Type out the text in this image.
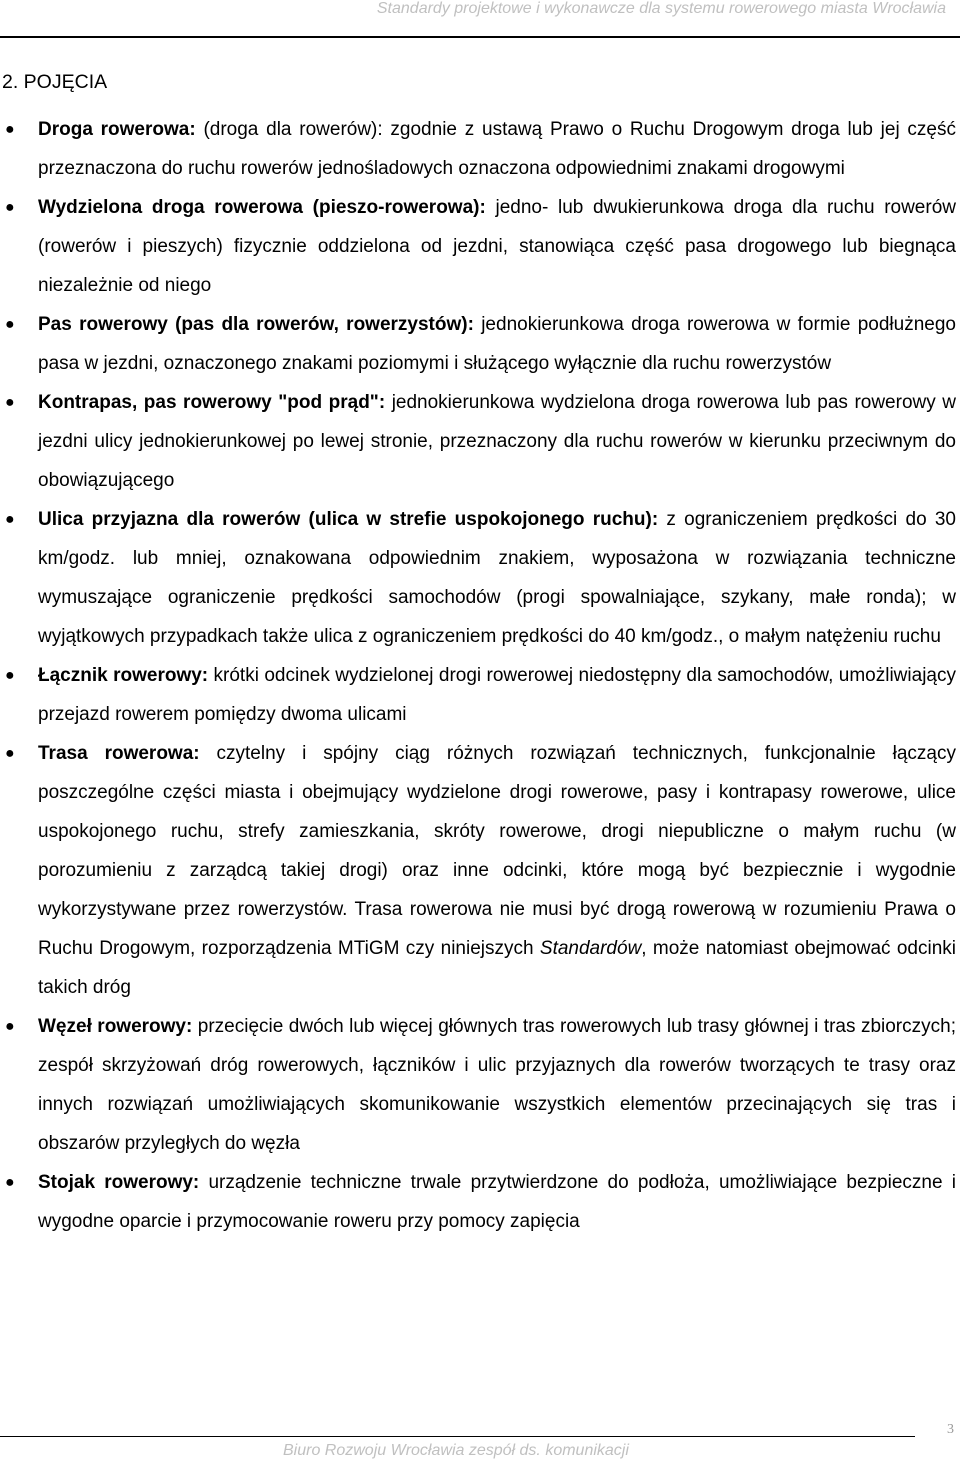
Standardy projektowe i wykonawcze dla systemu rowerowego miasta Wrocławia
2. POJĘCIA
● Droga rowerowa: (droga dla rowerów): zgodnie z ustawą Prawo o Ruchu Drogowym droga lub jej część przeznaczona do ruchu rowerów jednośladowych oznaczona odpowiednimi znakami drogowymi
● Wydzielona droga rowerowa (pieszo-rowerowa): jedno- lub dwukierunkowa droga dla ruchu rowerów (rowerów i pieszych) fizycznie oddzielona od jezdni, stanowiąca część pasa drogowego lub biegnąca niezależnie od niego
● Pas rowerowy (pas dla rowerów, rowerzystów): jednokierunkowa droga rowerowa w formie podłużnego pasa w jezdni, oznaczonego znakami poziomymi i służącego wyłącznie dla ruchu rowerzystów
● Kontrapas, pas rowerowy "pod prąd": jednokierunkowa wydzielona droga rowerowa lub pas rowerowy w jezdni ulicy jednokierunkowej po lewej stronie, przeznaczony dla ruchu rowerów w kierunku przeciwnym do obowiązującego
● Ulica przyjazna dla rowerów (ulica w strefie uspokojonego ruchu): z ograniczeniem prędkości do 30 km/godz. lub mniej, oznakowana odpowiednim znakiem, wyposażona w rozwiązania techniczne wymuszające ograniczenie prędkości samochodów (progi spowalniające, szykany, małe ronda); w wyjątkowych przypadkach także ulica z ograniczeniem prędkości do 40 km/godz., o małym natężeniu ruchu
● Łącznik rowerowy: krótki odcinek wydzielonej drogi rowerowej niedostępny dla samochodów, umożliwiający przejazd rowerem pomiędzy dwoma ulicami
● Trasa rowerowa: czytelny i spójny ciąg różnych rozwiązań technicznych, funkcjonalnie łączący poszczególne części miasta i obejmujący wydzielone drogi rowerowe, pasy i kontrapasy rowerowe, ulice uspokojonego ruchu, strefy zamieszkania, skróty rowerowe, drogi niepubliczne o małym ruchu (w porozumieniu z zarządcą takiej drogi) oraz inne odcinki, które mogą być bezpiecznie i wygodnie wykorzystywane przez rowerzystów. Trasa rowerowa nie musi być drogą rowerową w rozumieniu Prawa o Ruchu Drogowym, rozporządzenia MTiGM czy niniejszych Standardów, może natomiast obejmować odcinki takich dróg
● Węzeł rowerowy: przecięcie dwóch lub więcej głównych tras rowerowych lub trasy głównej i tras zbiorczych; zespół skrzyżowań dróg rowerowych, łączników i ulic przyjaznych dla rowerów tworzących te trasy oraz innych rozwiązań umożliwiających skomunikowanie wszystkich elementów przecinających się tras i obszarów przyległych do węzła
● Stojak rowerowy: urządzenie techniczne trwale przytwierdzone do podłoża, umożliwiające bezpieczne i wygodne oparcie i przymocowanie roweru przy pomocy zapięcia
3
Biuro Rozwoju Wrocławia zespół ds. komunikacji
